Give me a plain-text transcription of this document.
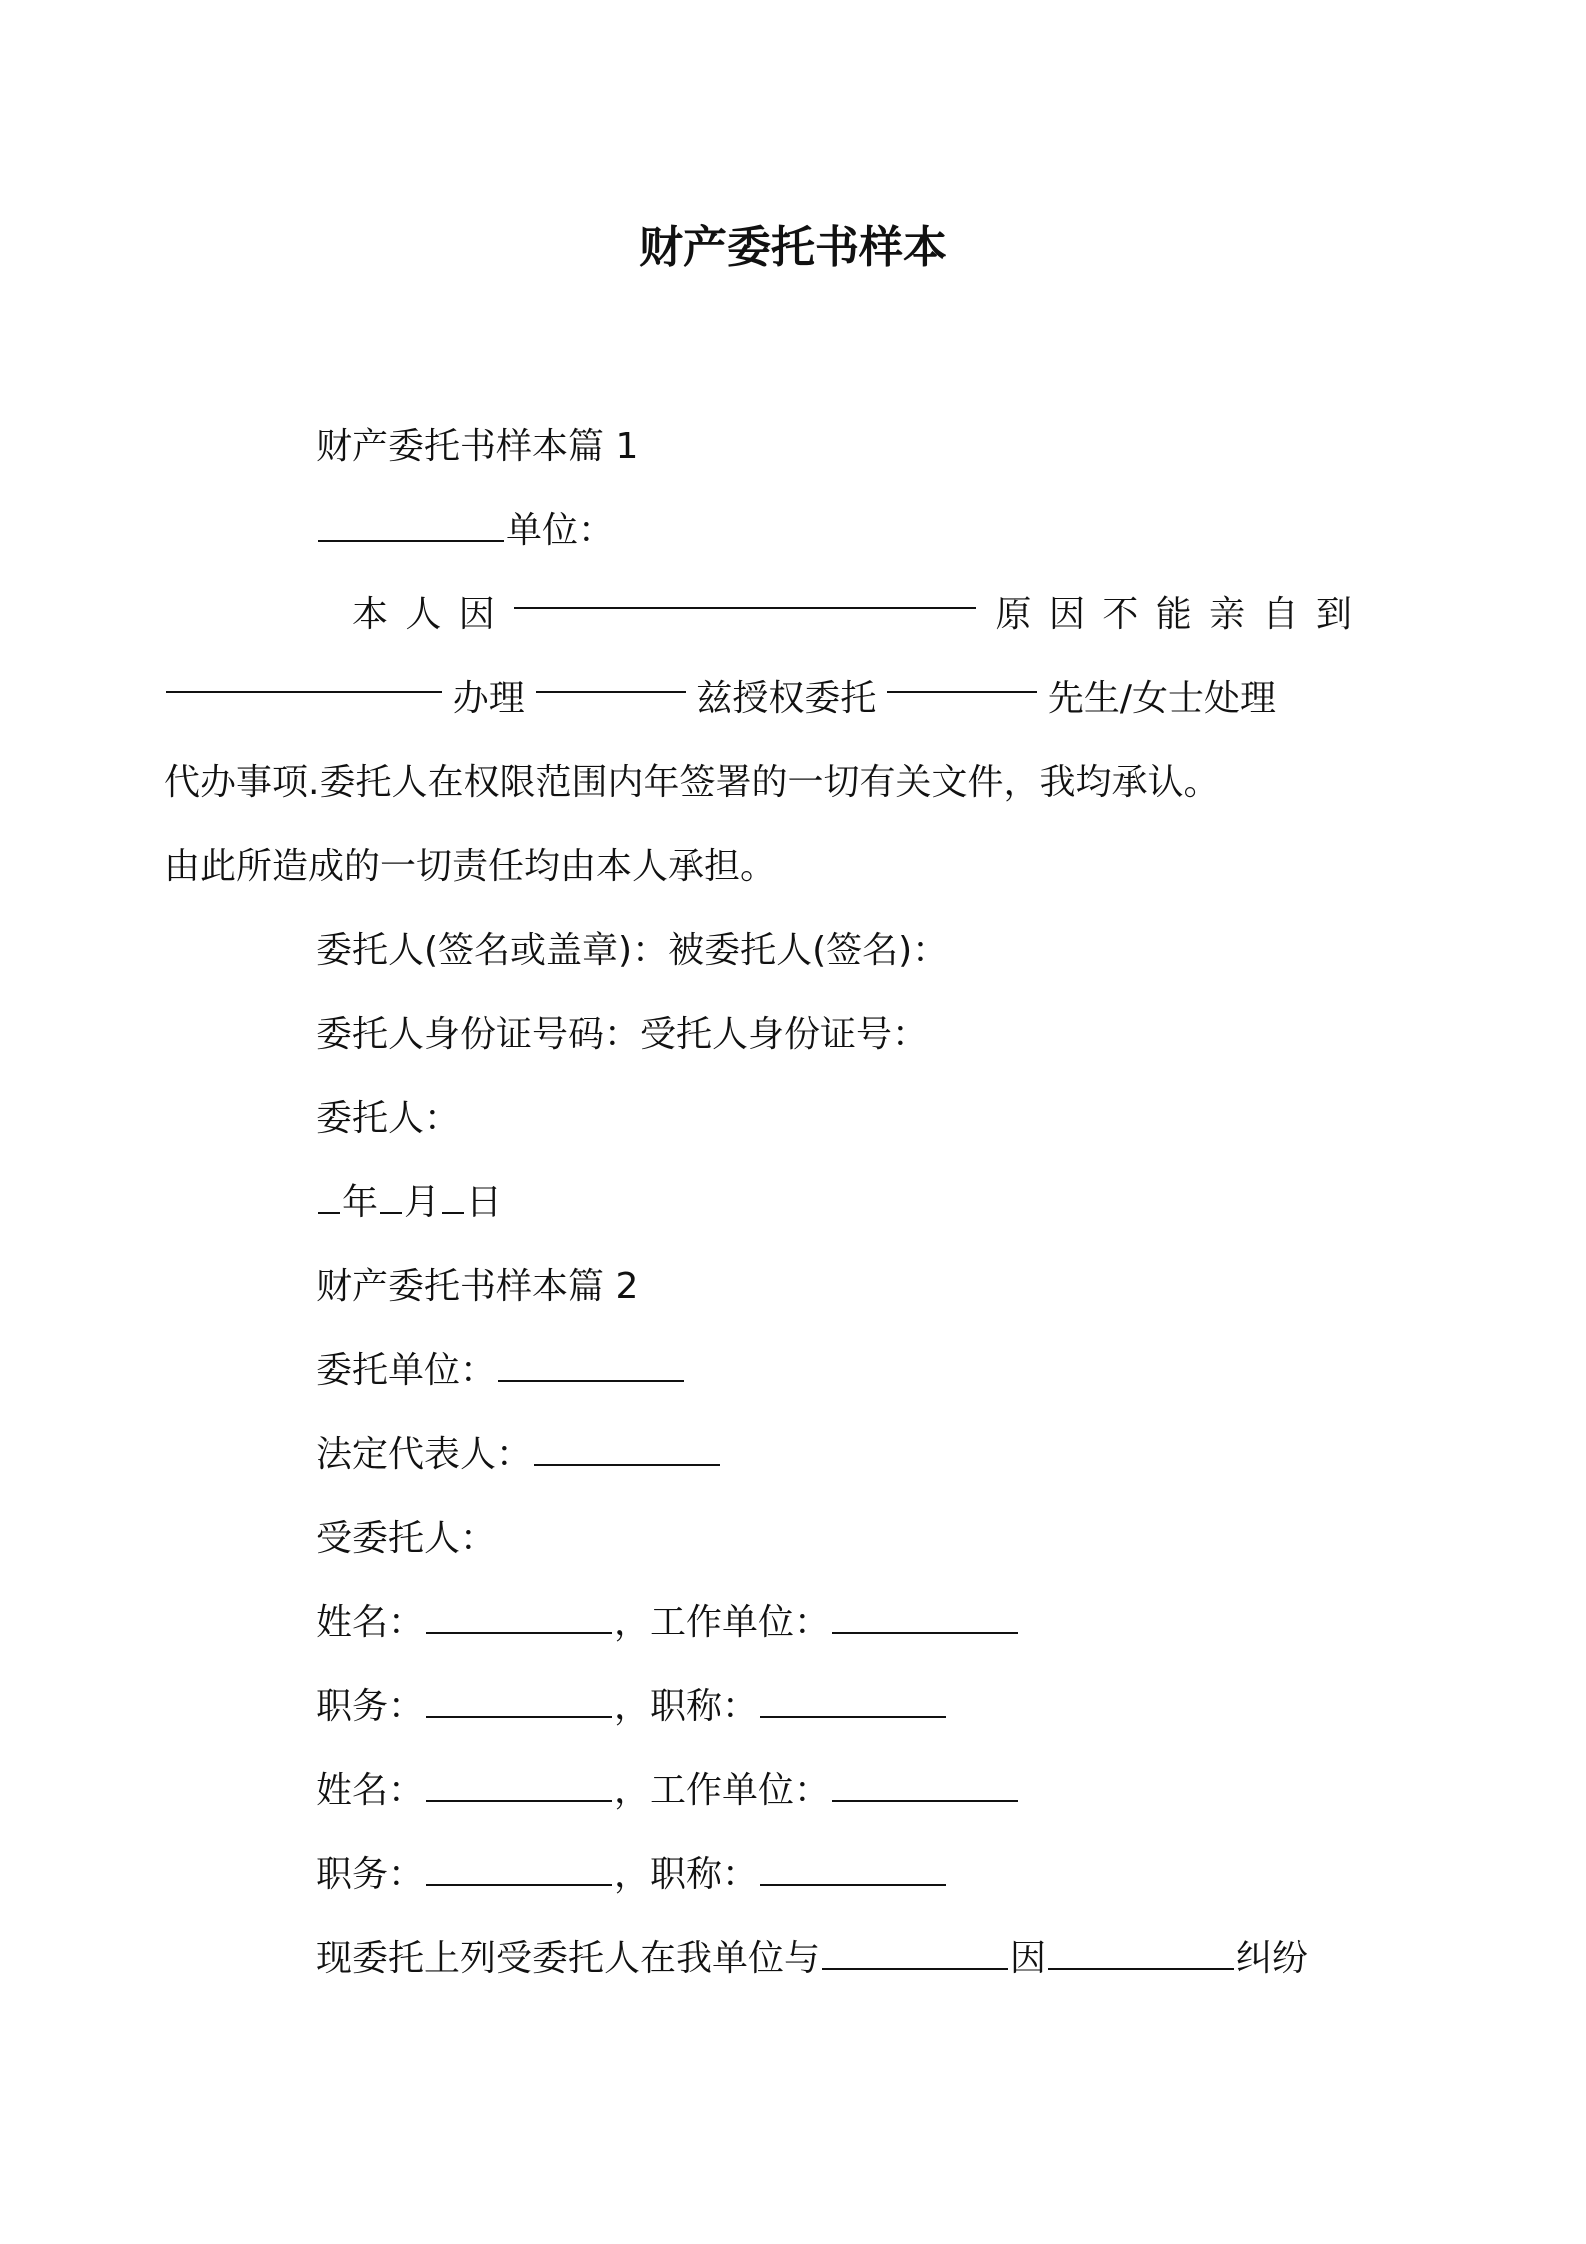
财产委托书样本

财产委托书样本篇 1

单位：

本 人 因	原 因 不 能 亲 自 到

办理	兹授权委托	先生/女士处理

代办事项.委托人在权限范围内年签署的一切有关文件，我均承认。

由此所造成的一切责任均由本人承担。

委托人(签名或盖章)：被委托人(签名)：

委托人身份证号码：受托人身份证号：

委托人：

年 月 日

财产委托书样本篇 2

委托单位：

法定代表人：

受委托人：

姓名：	，工作单位：

职务：	，职称：

姓名：	，工作单位：

职务：	，职称：

现委托上列受委托人在我单位与	因	纠纷
